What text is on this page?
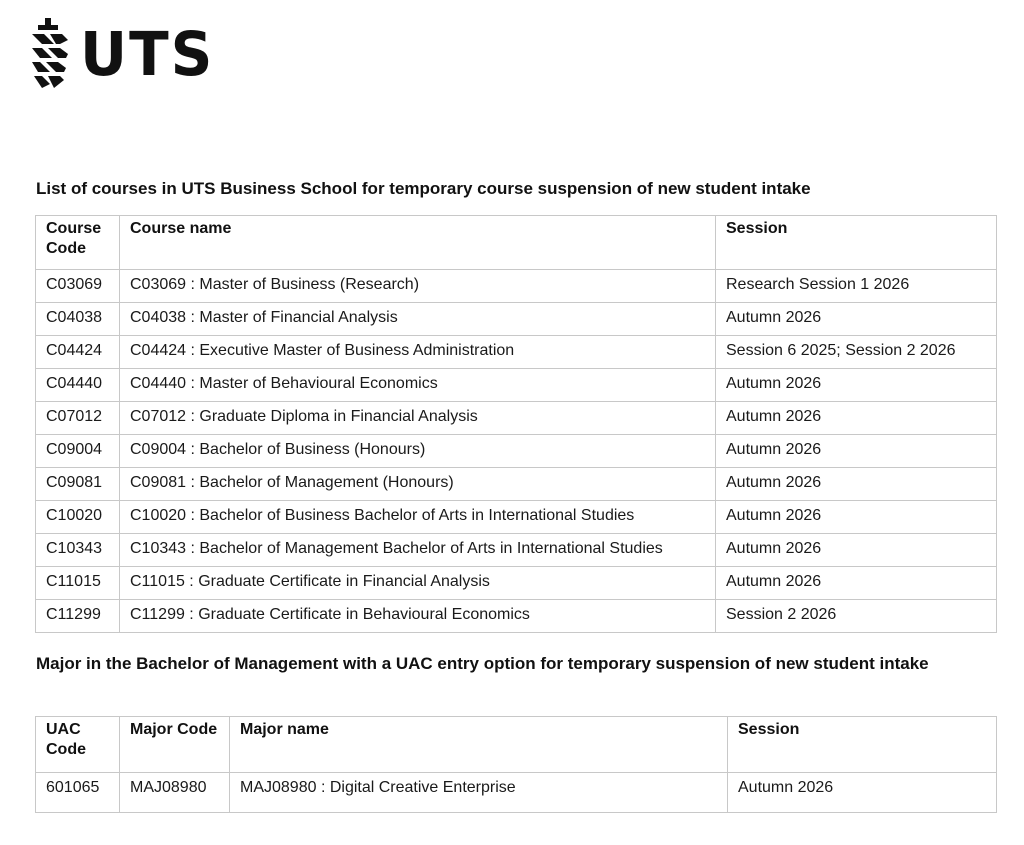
UTS
List of courses in UTS Business School for temporary course suspension of new student intake
Course Code	Course name	Session
C03069	C03069 : Master of Business (Research)	Research Session 1 2026
C04038	C04038 : Master of Financial Analysis	Autumn 2026
C04424	C04424 : Executive Master of Business Administration	Session 6 2025; Session 2 2026
C04440	C04440 : Master of Behavioural Economics	Autumn 2026
C07012	C07012 : Graduate Diploma in Financial Analysis	Autumn 2026
C09004	C09004 : Bachelor of Business (Honours)	Autumn 2026
C09081	C09081 : Bachelor of Management (Honours)	Autumn 2026
C10020	C10020 : Bachelor of Business Bachelor of Arts in International Studies	Autumn 2026
C10343	C10343 : Bachelor of Management Bachelor of Arts in International Studies	Autumn 2026
C11015	C11015 : Graduate Certificate in Financial Analysis	Autumn 2026
C11299	C11299 : Graduate Certificate in Behavioural Economics	Session 2 2026
Major in the Bachelor of Management with a UAC entry option for temporary suspension of new student intake
UAC Code	Major Code	Major name	Session
601065	MAJ08980	MAJ08980 : Digital Creative Enterprise	Autumn 2026
